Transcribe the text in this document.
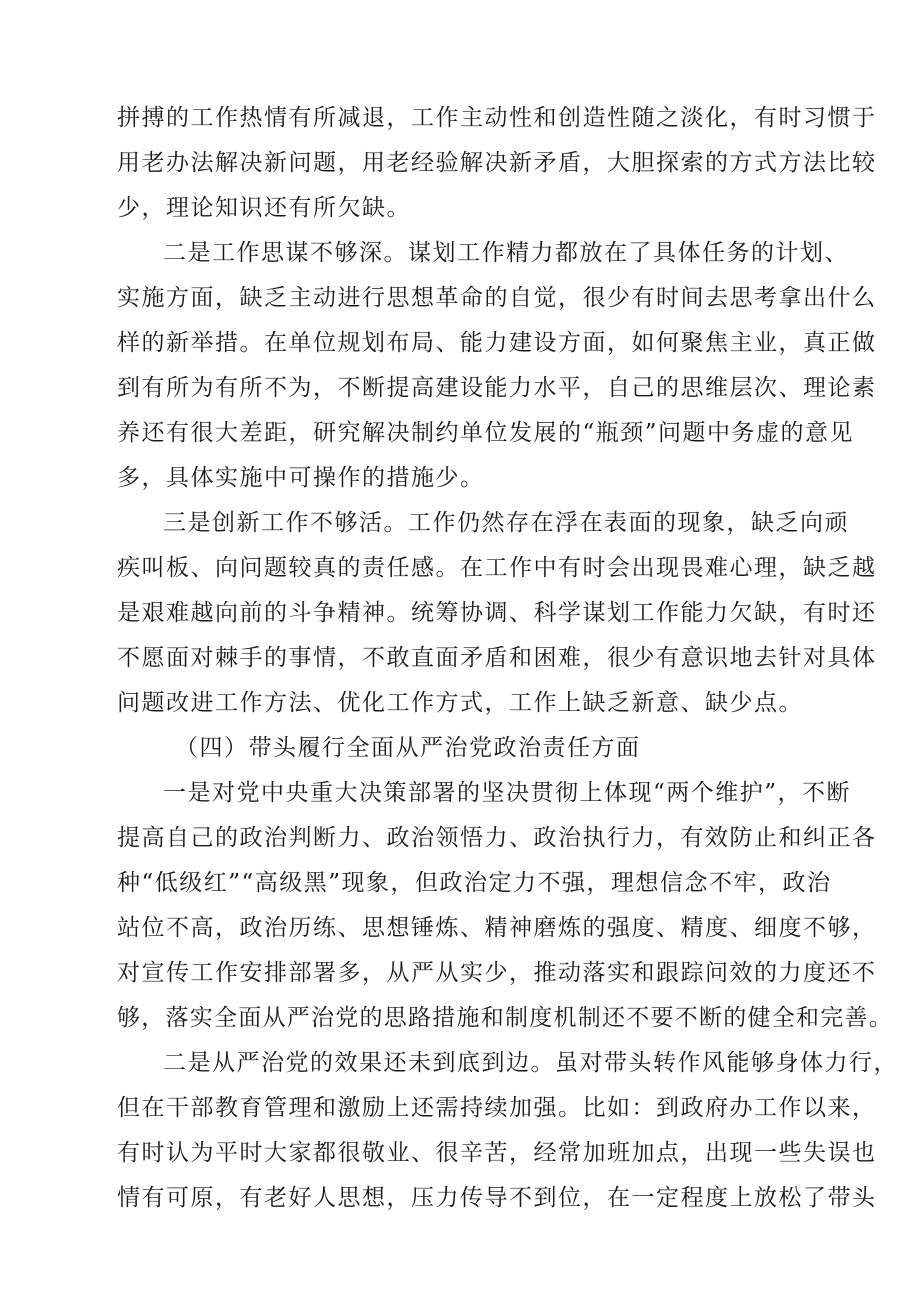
拼搏的工作热情有所减退，工作主动性和创造性随之淡化，有时习惯于
用老办法解决新问题，用老经验解决新矛盾，大胆探索的方式方法比较
少，理论知识还有所欠缺。
二是工作思谋不够深。谋划工作精力都放在了具体任务的计划、
实施方面，缺乏主动进行思想革命的自觉，很少有时间去思考拿出什么
样的新举措。在单位规划布局、能力建设方面，如何聚焦主业，真正做
到有所为有所不为，不断提高建设能力水平，自己的思维层次、理论素
养还有很大差距，研究解决制约单位发展的“瓶颈”问题中务虚的意见
多，具体实施中可操作的措施少。
三是创新工作不够活。工作仍然存在浮在表面的现象，缺乏向顽
疾叫板、向问题较真的责任感。在工作中有时会出现畏难心理，缺乏越
是艰难越向前的斗争精神。统筹协调、科学谋划工作能力欠缺，有时还
不愿面对棘手的事情，不敢直面矛盾和困难，很少有意识地去针对具体
问题改进工作方法、优化工作方式，工作上缺乏新意、缺少点。
（四）带头履行全面从严治党政治责任方面
一是对党中央重大决策部署的坚决贯彻上体现“两个维护”，不断
提高自己的政治判断力、政治领悟力、政治执行力，有效防止和纠正各
种“低级红”“高级黑”现象，但政治定力不强，理想信念不牢，政治
站位不高，政治历练、思想锤炼、精神磨炼的强度、精度、细度不够，
对宣传工作安排部署多，从严从实少，推动落实和跟踪问效的力度还不
够，落实全面从严治党的思路措施和制度机制还不要不断的健全和完善。
二是从严治党的效果还未到底到边。虽对带头转作风能够身体力行，
但在干部教育管理和激励上还需持续加强。比如：到政府办工作以来，
有时认为平时大家都很敬业、很辛苦，经常加班加点，出现一些失误也
情有可原，有老好人思想，压力传导不到位，在一定程度上放松了带头
